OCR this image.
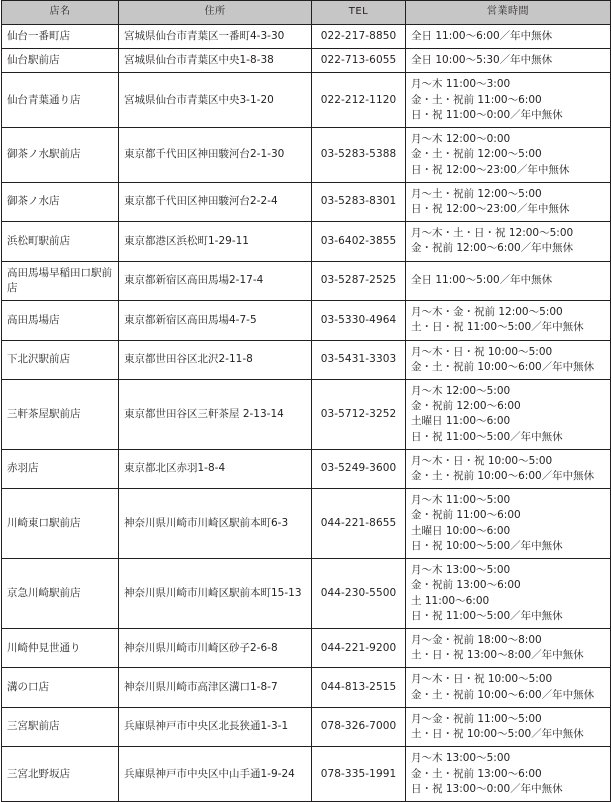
店名	住所	TEL	営業時間
仙台一番町店	宮城県仙台市青葉区一番町4-3-30	022-217-8850	全日 11:00〜6:00／年中無休

仙台駅前店	宮城県仙台市青葉区中央1-8-38	022-713-6055	全日 10:00〜5:30／年中無休

仙台青葉通り店	宮城県仙台市青葉区中央3-1-20	022-212-1120	月〜木 11:00〜3:00
金・土・祝前 11:00〜6:00
日・祝 11:00〜0:00／年中無休

御茶ノ水駅前店	東京都千代田区神田駿河台2-1-30	03-5283-5388	月〜木 12:00〜0:00
金・土・祝前 12:00〜5:00
日・祝 12:00〜23:00／年中無休

御茶ノ水店	東京都千代田区神田駿河台2-2-4	03-5283-8301	月〜土・祝前 12:00〜5:00
日・祝 12:00〜23:00／年中無休

浜松町駅前店	東京都港区浜松町1-29-11	03-6402-3855	月〜木・土・日・祝 12:00〜5:00
金・祝前 12:00〜6:00／年中無休

高田馬場早稲田口駅前店	東京都新宿区高田馬場2-17-4	03-5287-2525	全日 11:00〜5:00／年中無休

高田馬場店	東京都新宿区高田馬場4-7-5	03-5330-4964	月〜木・金・祝前 12:00〜5:00
土・日・祝 11:00〜5:00／年中無休

下北沢駅前店	東京都世田谷区北沢2-11-8	03-5431-3303	月〜木・日・祝 10:00〜5:00
金・土・祝前 10:00〜6:00／年中無休

三軒茶屋駅前店	東京都世田谷区三軒茶屋 2-13-14	03-5712-3252	月〜木 12:00〜5:00
金・祝前 12:00〜6:00
土曜日 11:00〜6:00
日・祝 11:00〜5:00／年中無休

赤羽店	東京都北区赤羽1-8-4	03-5249-3600	月〜木・日・祝 10:00〜5:00
金・土・祝前 10:00〜6:00／年中無休

川崎東口駅前店	神奈川県川崎市川崎区駅前本町6-3	044-221-8655	月〜木 11:00〜5:00
金・祝前 11:00〜6:00
土曜日 10:00〜6:00
日・祝 10:00〜5:00／年中無休

京急川崎駅前店	神奈川県川崎市川崎区駅前本町15-13	044-230-5500	月〜木 13:00〜5:00
金・祝前 13:00〜6:00
土 11:00〜6:00
日・祝 11:00〜5:00／年中無休

川崎仲見世通り	神奈川県川崎市川崎区砂子2-6-8	044-221-9200	月〜金・祝前 18:00〜8:00
土・日・祝 13:00〜8:00／年中無休

溝の口店	神奈川県川崎市高津区溝口1-8-7	044-813-2515	月〜木・日・祝 10:00〜5:00
金・土・祝前 10:00〜6:00／年中無休

三宮駅前店	兵庫県神戸市中央区北長狭通1-3-1	078-326-7000	月〜金・祝前 11:00〜5:00
土・日・祝 10:00〜5:00／年中無休

三宮北野坂店	兵庫県神戸市中央区中山手通1-9-24	078-335-1991	月〜木 13:00〜5:00
金・土・祝前 13:00〜6:00
日・祝 13:00〜0:00／年中無休
